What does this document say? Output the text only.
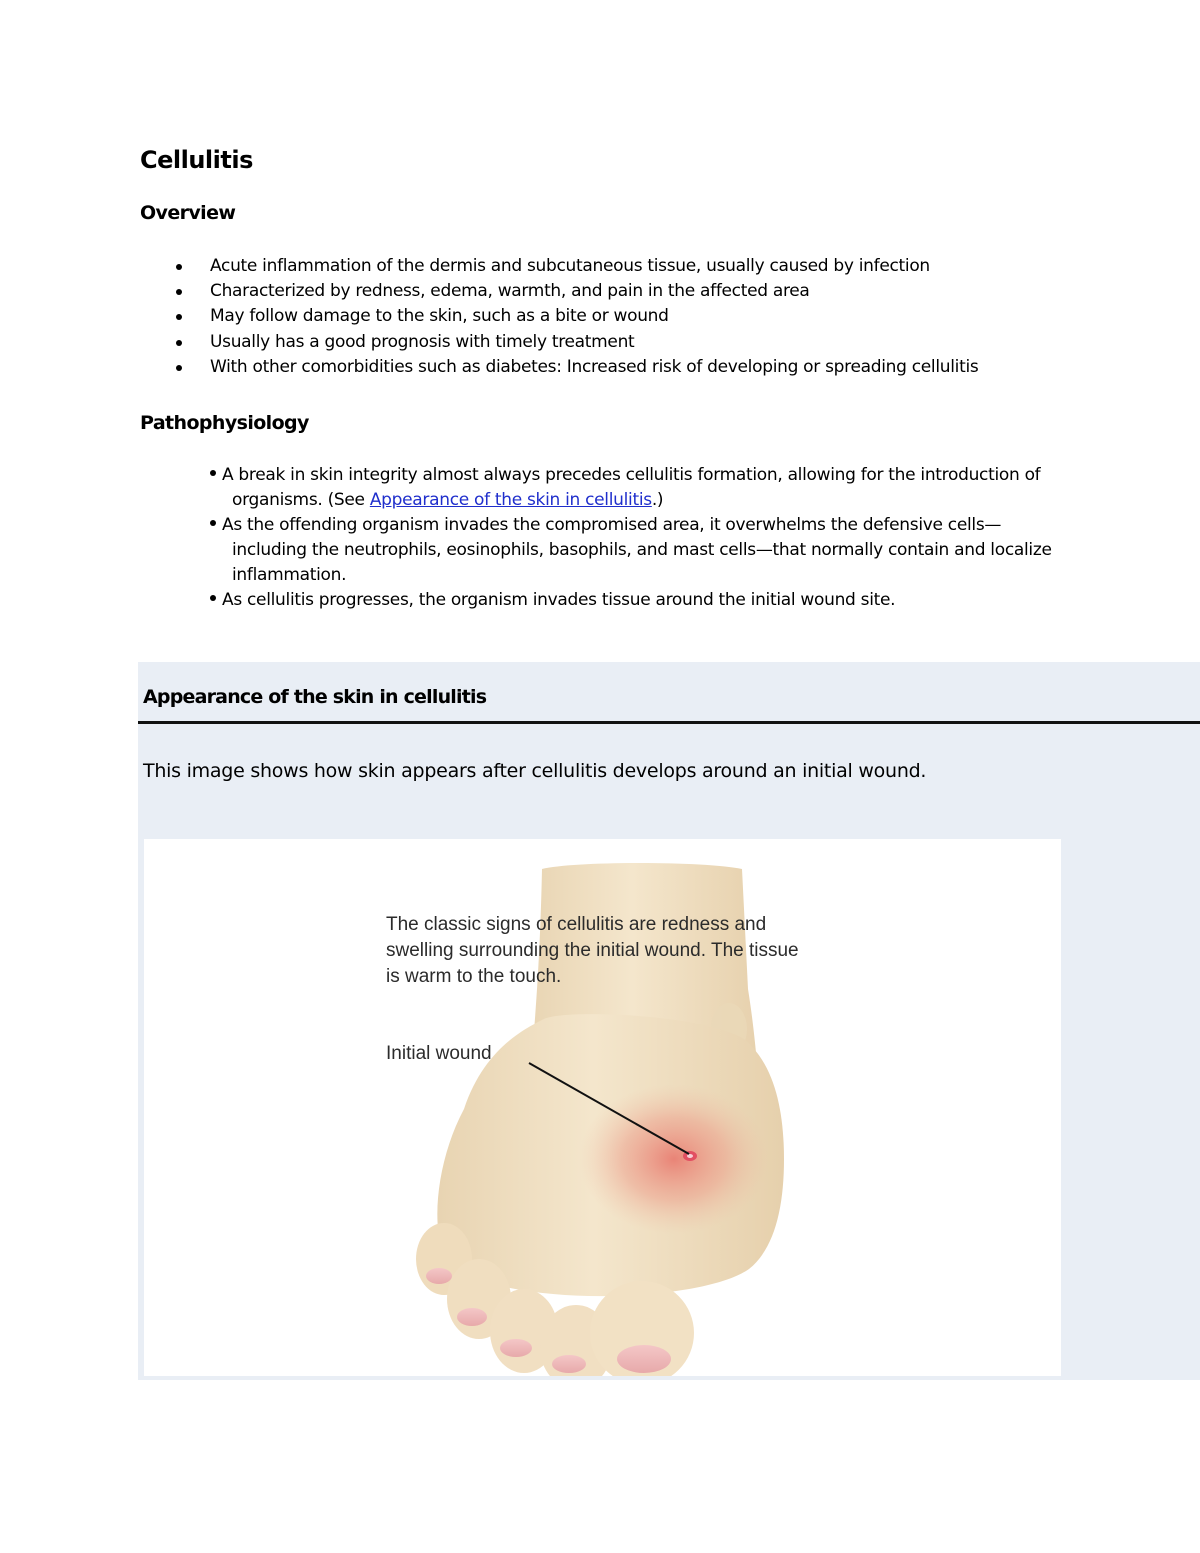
Cellulitis
Overview
Acute inflammation of the dermis and subcutaneous tissue, usually caused by infection
Characterized by redness, edema, warmth, and pain in the affected area
May follow damage to the skin, such as a bite or wound
Usually has a good prognosis with timely treatment
With other comorbidities such as diabetes: Increased risk of developing or spreading cellulitis
Pathophysiology
A break in skin integrity almost always precedes cellulitis formation, allowing for the introduction of organisms. (See Appearance of the skin in cellulitis.)
As the offending organism invades the compromised area, it overwhelms the defensive cells—including the neutrophils, eosinophils, basophils, and mast cells—that normally contain and localize inflammation.
As cellulitis progresses, the organism invades tissue around the initial wound site.
Appearance of the skin in cellulitis

This image shows how skin appears after cellulitis develops around an initial wound.

The classic signs of cellulitis are redness and swelling surrounding the initial wound. The tissue is warm to the touch.

Initial wound
